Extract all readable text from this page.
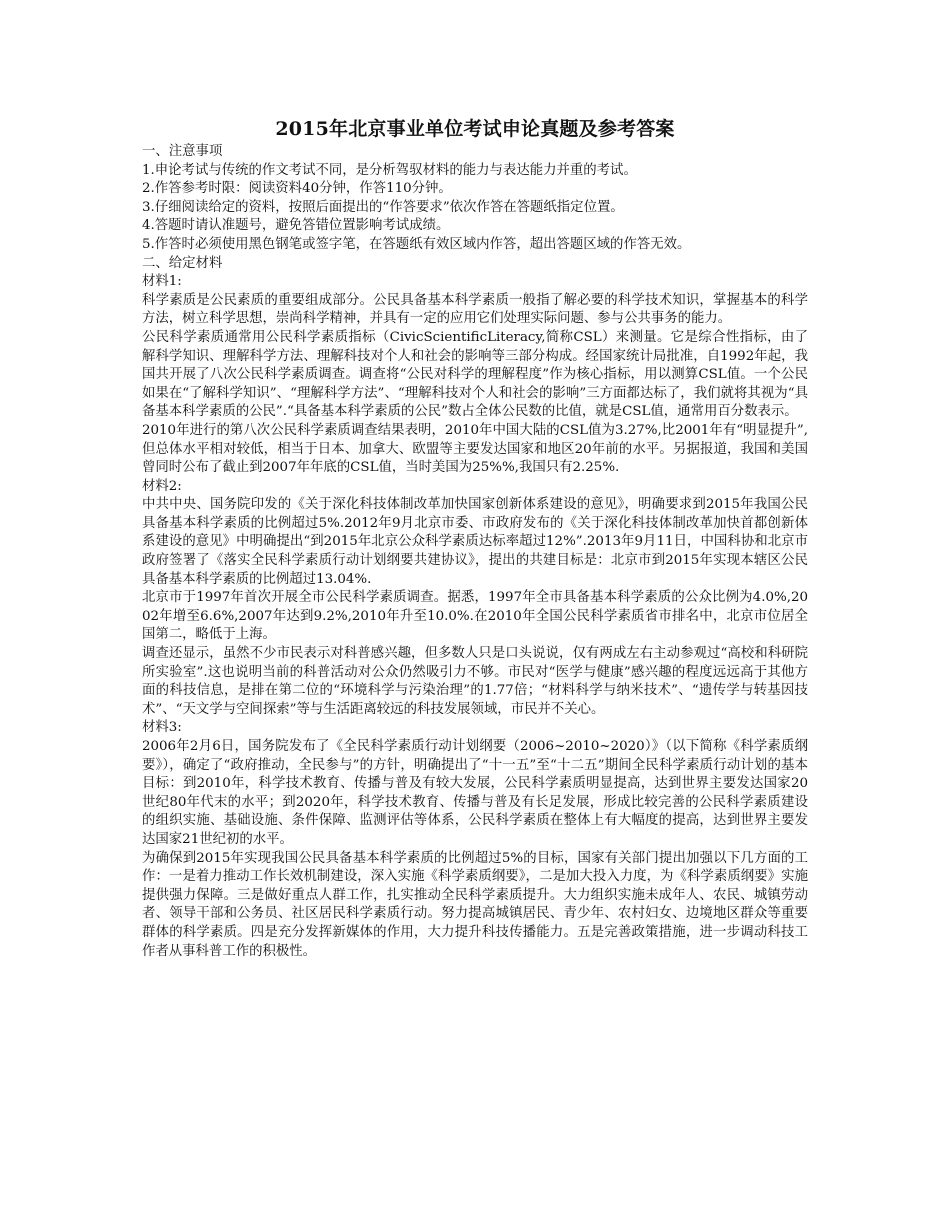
2015年北京事业单位考试申论真题及参考答案
一、注意事项
1.申论考试与传统的作文考试不同，是分析驾驭材料的能力与表达能力并重的考试。
2.作答参考时限：阅读资料40分钟，作答110分钟。
3.仔细阅读给定的资料，按照后面提出的“作答要求”依次作答在答题纸指定位置。
4.答题时请认准题号，避免答错位置影响考试成绩。
5.作答时必须使用黑色钢笔或签字笔，在答题纸有效区域内作答，超出答题区域的作答无效。
二、给定材料
材料1:

科学素质是公民素质的重要组成部分。公民具备基本科学素质一般指了解必要的科学技术知识，掌握基本的科学方法，树立科学思想，崇尚科学精神，并具有一定的应用它们处理实际问题、参与公共事务的能力。

公民科学素质通常用公民科学素质指标（CivicScientificLiteracy,简称CSL）来测量。它是综合性指标，由了解科学知识、理解科学方法、理解科技对个人和社会的影响等三部分构成。经国家统计局批准，自1992年起，我国共开展了八次公民科学素质调查。调查将“公民对科学的理解程度”作为核心指标，用以测算CSL值。一个公民如果在“了解科学知识”、“理解科学方法”、“理解科技对个人和社会的影响”三方面都达标了，我们就将其视为“具备基本科学素质的公民”.“具备基本科学素质的公民”数占全体公民数的比值，就是CSL值，通常用百分数表示。

2010年进行的第八次公民科学素质调查结果表明，2010年中国大陆的CSL值为3.27%,比2001年有“明显提升”,但总体水平相对较低，相当于日本、加拿大、欧盟等主要发达国家和地区20年前的水平。另据报道，我国和美国曾同时公布了截止到2007年年底的CSL值，当时美国为25%%,我国只有2.25%.

材料2:

中共中央、国务院印发的《关于深化科技体制改革加快国家创新体系建设的意见》，明确要求到2015年我国公民具备基本科学素质的比例超过5%.2012年9月北京市委、市政府发布的《关于深化科技体制改革加快首都创新体系建设的意见》中明确提出“到2015年北京公众科学素质达标率超过12%”.2013年9月11日，中国科协和北京市政府签署了《落实全民科学素质行动计划纲要共建协议》，提出的共建目标是：北京市到2015年实现本辖区公民具备基本科学素质的比例超过13.04%.

北京市于1997年首次开展全市公民科学素质调查。据悉，1997年全市具备基本科学素质的公众比例为4.0%,2002年增至6.6%,2007年达到9.2%,2010年升至10.0%.在2010年全国公民科学素质省市排名中，北京市位居全国第二，略低于上海。

调查还显示，虽然不少市民表示对科普感兴趣，但多数人只是口头说说，仅有两成左右主动参观过“高校和科研院所实验室”.这也说明当前的科普活动对公众仍然吸引力不够。市民对“医学与健康”感兴趣的程度远远高于其他方面的科技信息，是排在第二位的“环境科学与污染治理”的1.77倍；“材料科学与纳米技术”、“遗传学与转基因技术”、“天文学与空间探索”等与生活距离较远的科技发展领域，市民并不关心。

材料3:

2006年2月6日，国务院发布了《全民科学素质行动计划纲要（2006~2010~2020）》（以下简称《科学素质纲要》），确定了“政府推动，全民参与”的方针，明确提出了“十一五”至“十二五”期间全民科学素质行动计划的基本目标：到2010年，科学技术教育、传播与普及有较大发展，公民科学素质明显提高，达到世界主要发达国家20世纪80年代末的水平；到2020年，科学技术教育、传播与普及有长足发展，形成比较完善的公民科学素质建设的组织实施、基础设施、条件保障、监测评估等体系，公民科学素质在整体上有大幅度的提高，达到世界主要发达国家21世纪初的水平。

为确保到2015年实现我国公民具备基本科学素质的比例超过5%的目标，国家有关部门提出加强以下几方面的工作：一是着力推动工作长效机制建设，深入实施《科学素质纲要》，二是加大投入力度，为《科学素质纲要》实施提供强力保障。三是做好重点人群工作，扎实推动全民科学素质提升。大力组织实施未成年人、农民、城镇劳动者、领导干部和公务员、社区居民科学素质行动。努力提高城镇居民、青少年、农村妇女、边境地区群众等重要群体的科学素质。四是充分发挥新媒体的作用，大力提升科技传播能力。五是完善政策措施，进一步调动科技工作者从事科普工作的积极性。
